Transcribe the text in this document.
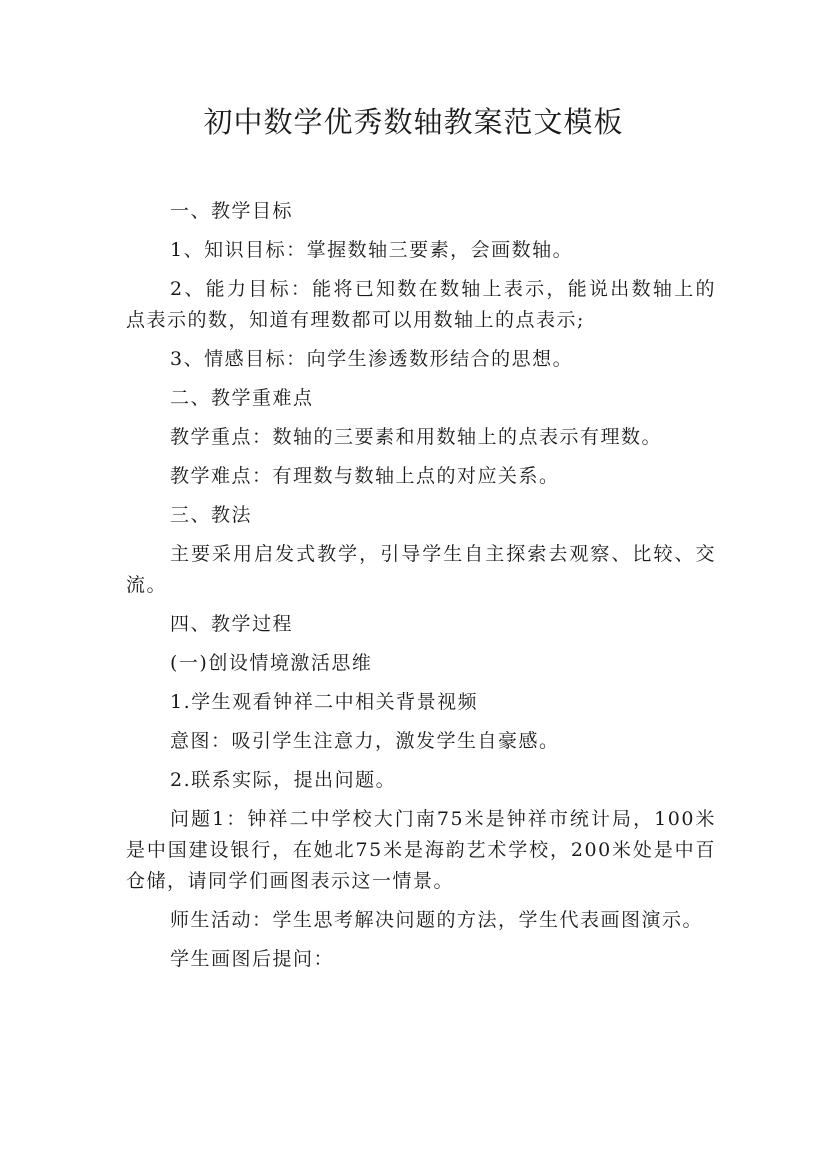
初中数学优秀数轴教案范文模板

一、教学目标

1、知识目标：掌握数轴三要素，会画数轴。

2、能力目标：能将已知数在数轴上表示，能说出数轴上的点表示的数，知道有理数都可以用数轴上的点表示;

3、情感目标：向学生渗透数形结合的思想。

二、教学重难点

教学重点：数轴的三要素和用数轴上的点表示有理数。

教学难点：有理数与数轴上点的对应关系。

三、教法

主要采用启发式教学，引导学生自主探索去观察、比较、交流。

四、教学过程

(一)创设情境激活思维

1.学生观看钟祥二中相关背景视频

意图：吸引学生注意力，激发学生自豪感。

2.联系实际，提出问题。

问题1：钟祥二中学校大门南75米是钟祥市统计局，100米是中国建设银行，在她北75米是海韵艺术学校，200米处是中百仓储，请同学们画图表示这一情景。

师生活动：学生思考解决问题的方法，学生代表画图演示。

学生画图后提问：
